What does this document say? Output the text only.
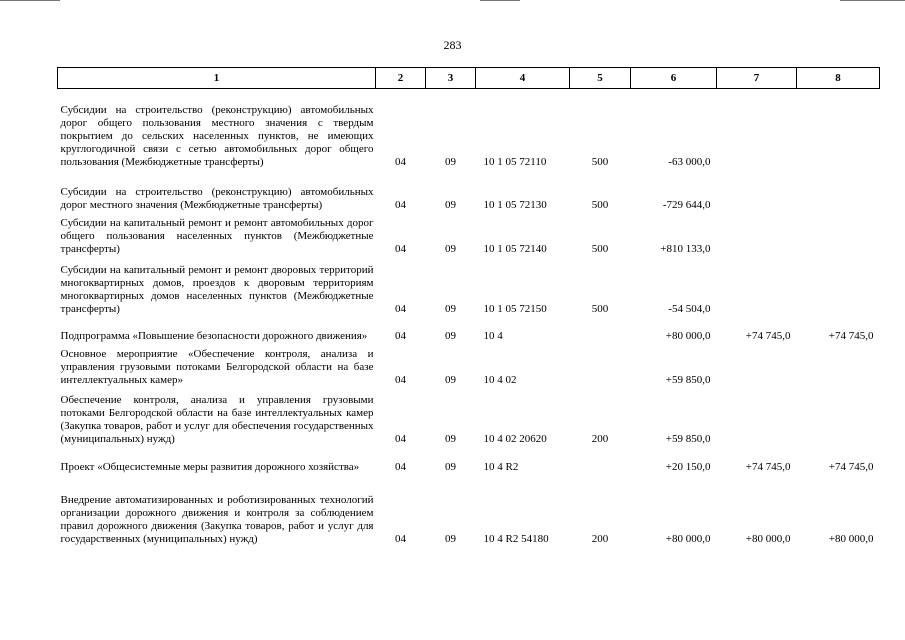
283
1	2	3	4	5	6	7	8
Субсидии на строительство (реконструкцию) автомобильных дорог общего пользования местного значения с твердым покрытием до сельских населенных пунктов, не имеющих круглогодичной связи с сетью автомобильных дорог общего пользования (Межбюджетные трансферты)	04	09	10 1 05 72110	500	-63 000,0		
Субсидии на строительство (реконструкцию) автомобильных дорог местного значения (Межбюджетные трансферты)	04	09	10 1 05 72130	500	-729 644,0		
Субсидии на капитальный ремонт и ремонт автомобильных дорог общего пользования населенных пунктов (Межбюджетные трансферты)	04	09	10 1 05 72140	500	+810 133,0		
Субсидии на капитальный ремонт и ремонт дворовых территорий многоквартирных домов, проездов к дворовым территориям многоквартирных домов населенных пунктов (Межбюджетные трансферты)	04	09	10 1 05 72150	500	-54 504,0		
Подпрограмма «Повышение безопасности дорожного движения»	04	09	10 4		+80 000,0	+74 745,0	+74 745,0
Основное мероприятие «Обеспечение контроля, анализа и управления грузовыми потоками Белгородской области на базе интеллектуальных камер»	04	09	10 4 02		+59 850,0		
Обеспечение контроля, анализа и управления грузовыми потоками Белгородской области на базе интеллектуальных камер (Закупка товаров, работ и услуг для обеспечения государственных (муниципальных) нужд)	04	09	10 4 02 20620	200	+59 850,0		
Проект «Общесистемные меры развития дорожного хозяйства»	04	09	10 4 R2		+20 150,0	+74 745,0	+74 745,0
Внедрение автоматизированных и роботизированных технологий организации дорожного движения и контроля за соблюдением правил дорожного движения (Закупка товаров, работ и услуг для государственных (муниципальных) нужд)	04	09	10 4 R2 54180	200	+80 000,0	+80 000,0	+80 000,0
